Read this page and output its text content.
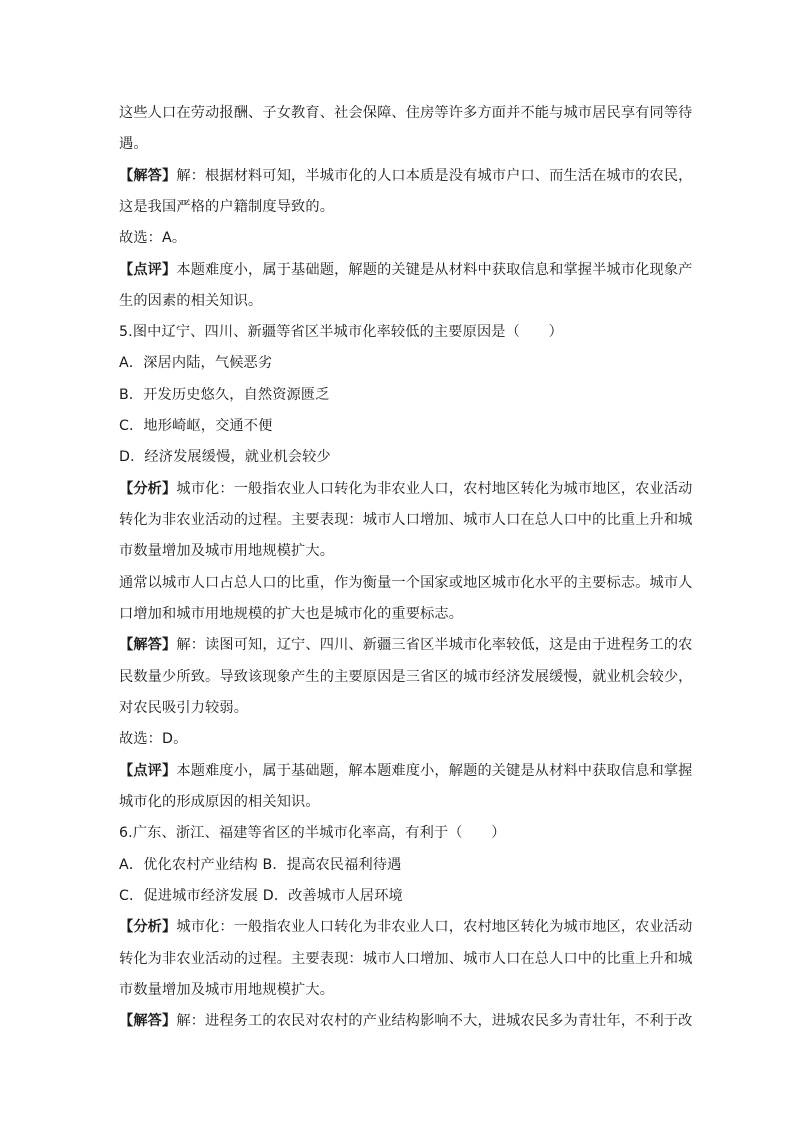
这些人口在劳动报酬、子女教育、社会保障、住房等许多方面并不能与城市居民享有同等待
遇。
【解答】解：根据材料可知，半城市化的人口本质是没有城市户口、而生活在城市的农民，
这是我国严格的户籍制度导致的。
故选：A。
【点评】本题难度小，属于基础题，解题的关键是从材料中获取信息和掌握半城市化现象产
生的因素的相关知识。
5.图中辽宁、四川、新疆等省区半城市化率较低的主要原因是（　　）
A．深居内陆，气候恶劣
B．开发历史悠久，自然资源匮乏
C．地形崎岖，交通不便
D．经济发展缓慢，就业机会较少
【分析】城市化：一般指农业人口转化为非农业人口，农村地区转化为城市地区，农业活动
转化为非农业活动的过程。主要表现：城市人口增加、城市人口在总人口中的比重上升和城
市数量增加及城市用地规模扩大。
通常以城市人口占总人口的比重，作为衡量一个国家或地区城市化水平的主要标志。城市人
口增加和城市用地规模的扩大也是城市化的重要标志。
【解答】解：读图可知，辽宁、四川、新疆三省区半城市化率较低，这是由于进程务工的农
民数量少所致。导致该现象产生的主要原因是三省区的城市经济发展缓慢，就业机会较少，
对农民吸引力较弱。
故选：D。
【点评】本题难度小，属于基础题，解本题难度小，解题的关键是从材料中获取信息和掌握
城市化的形成原因的相关知识。
6.广东、浙江、福建等省区的半城市化率高，有利于（　　）
A．优化农村产业结构 B．提高农民福利待遇
C．促进城市经济发展 D．改善城市人居环境
【分析】城市化：一般指农业人口转化为非农业人口，农村地区转化为城市地区，农业活动
转化为非农业活动的过程。主要表现：城市人口增加、城市人口在总人口中的比重上升和城
市数量增加及城市用地规模扩大。
【解答】解：进程务工的农民对农村的产业结构影响不大，进城农民多为青壮年，不利于改
